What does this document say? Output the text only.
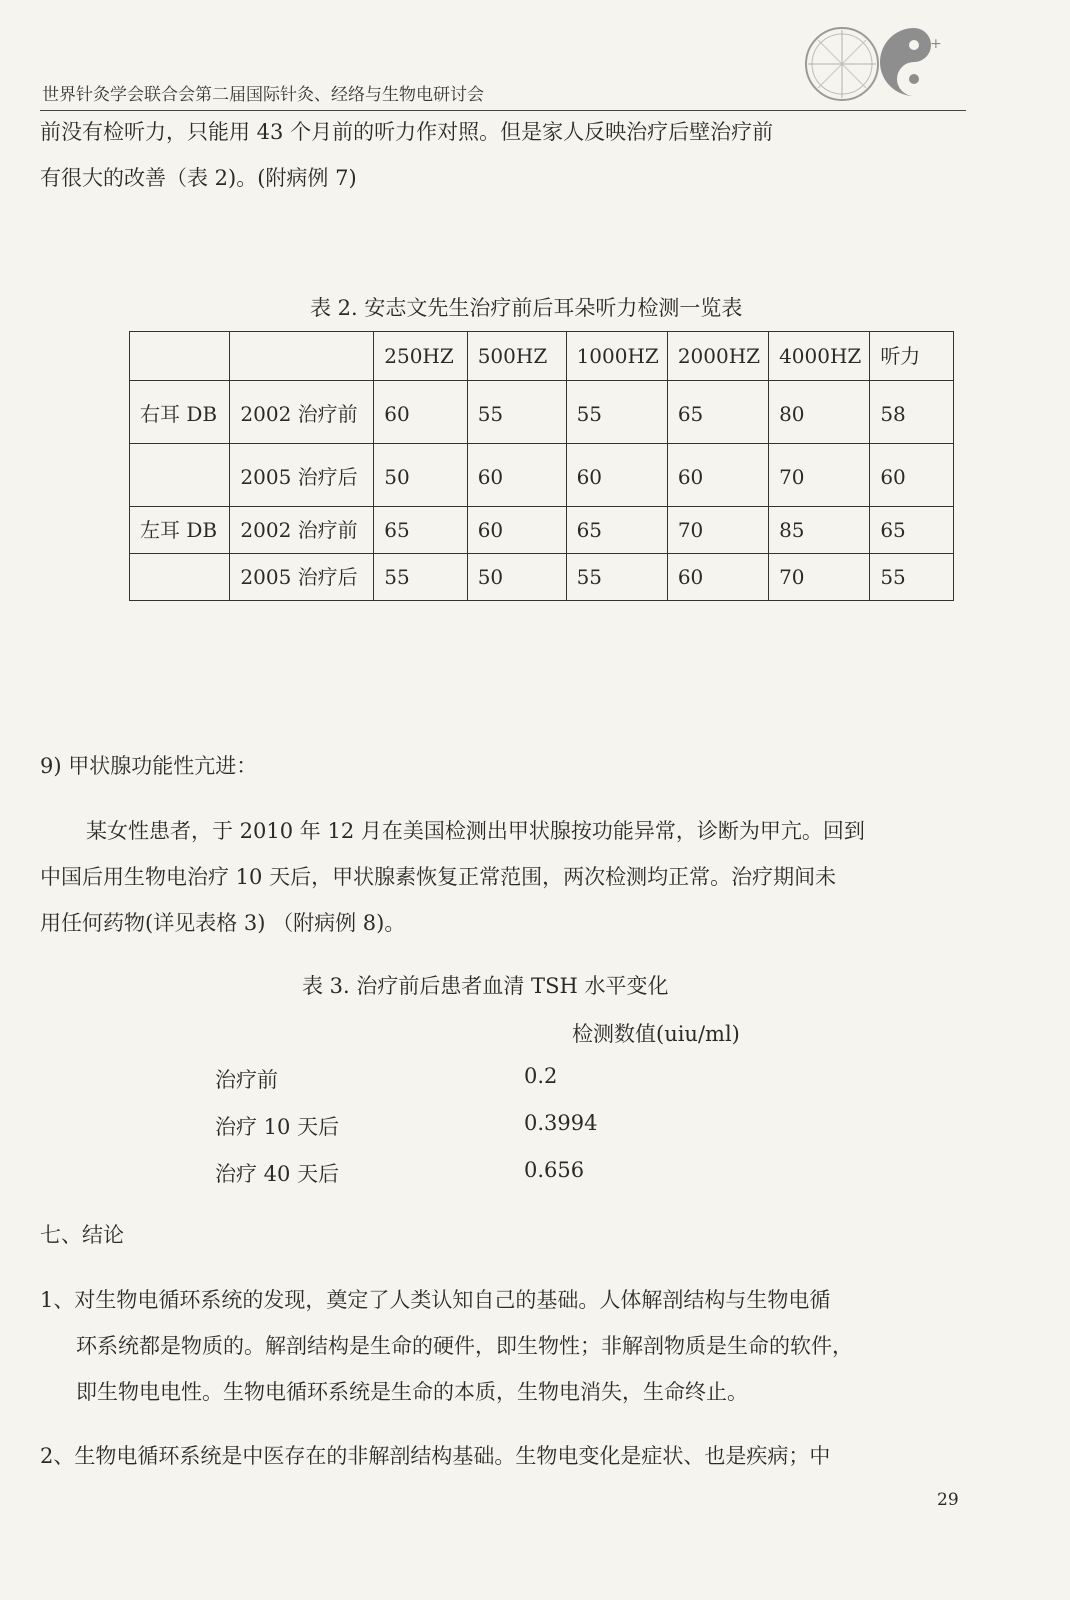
世界针灸学会联合会第二届国际针灸、经络与生物电研讨会
+
前没有检听力，只能用 43 个月前的听力作对照。但是家人反映治疗后壁治疗前
有很大的改善（表 2)。(附病例 7)
表 2. 安志文先生治疗前后耳朵听力检测一览表
		250HZ	500HZ	1000HZ	2000HZ	4000HZ	听力
右耳 DB	2002 治疗前	60	55	55	65	80	58
	2005 治疗后	50	60	60	60	70	60
左耳 DB	2002 治疗前	65	60	65	70	85	65
	2005 治疗后	55	50	55	60	70	55
9) 甲状腺功能性亢进：
某女性患者，于 2010 年 12 月在美国检测出甲状腺按功能异常，诊断为甲亢。回到
中国后用生物电治疗 10 天后，甲状腺素恢复正常范围，两次检测均正常。治疗期间未
用任何药物(详见表格 3) （附病例 8)。
表 3. 治疗前后患者血清 TSH 水平变化
检测数值(uiu/ml)
治疗前	0.2
治疗 10 天后	0.3994
治疗 40 天后	0.656
七、结论
1、对生物电循环系统的发现，奠定了人类认知自己的基础。人体解剖结构与生物电循
环系统都是物质的。解剖结构是生命的硬件，即生物性；非解剖物质是生命的软件，
即生物电电性。生物电循环系统是生命的本质，生物电消失，生命终止。
2、生物电循环系统是中医存在的非解剖结构基础。生物电变化是症状、也是疾病；中
29
